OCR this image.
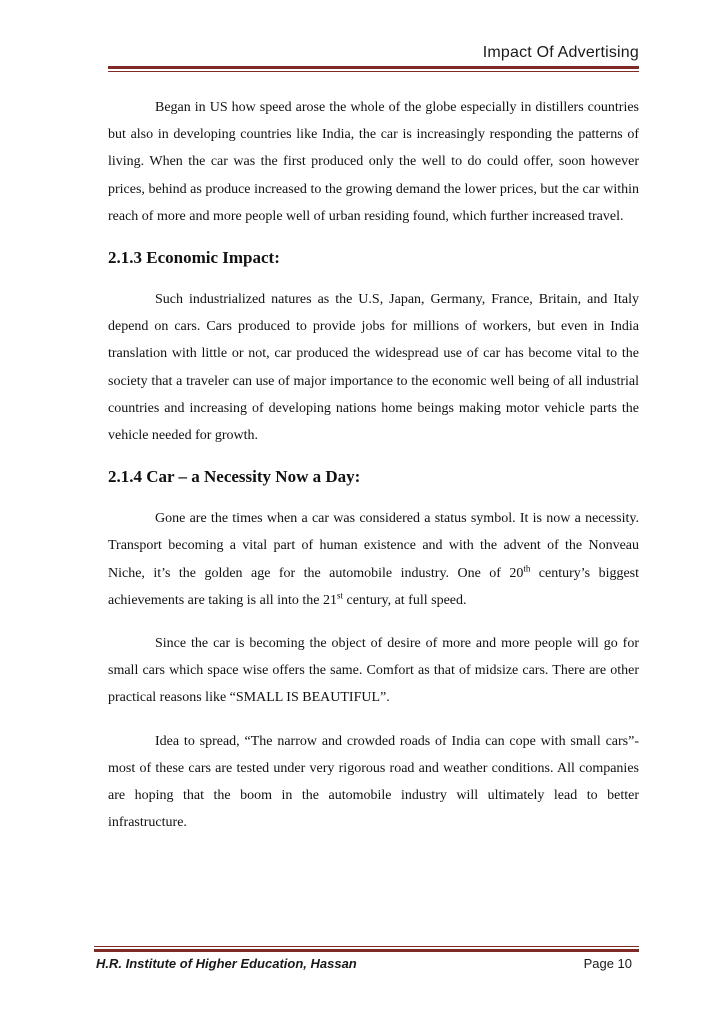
Impact Of Advertising

Began in US how speed arose the whole of the globe especially in distillers countries but also in developing countries like India, the car is increasingly responding the patterns of living. When the car was the first produced only the well to do could offer, soon however prices, behind as produce increased to the growing demand the lower prices, but the car within reach of more and more people well of urban residing found, which further increased travel.

2.1.3 Economic Impact:

Such industrialized natures as the U.S, Japan, Germany, France, Britain, and Italy depend on cars. Cars produced to provide jobs for millions of workers, but even in India translation with little or not, car produced the widespread use of car has become vital to the society that a traveler can use of major importance to the economic well being of all industrial countries and increasing of developing nations home beings making motor vehicle parts the vehicle needed for growth.

2.1.4 Car – a Necessity Now a Day:

Gone are the times when a car was considered a status symbol. It is now a necessity. Transport becoming a vital part of human existence and with the advent of the Nonveau Niche, it’s the golden age for the automobile industry. One of 20th century’s biggest achievements are taking is all into the 21st century, at full speed.

Since the car is becoming the object of desire of more and more people will go for small cars which space wise offers the same. Comfort as that of midsize cars. There are other practical reasons like “SMALL IS BEAUTIFUL”.

Idea to spread, “The narrow and crowded roads of India can cope with small cars”- most of these cars are tested under very rigorous road and weather conditions. All companies are hoping that the boom in the automobile industry will ultimately lead to better infrastructure.

H.R. Institute of Higher Education, Hassan	Page 10
